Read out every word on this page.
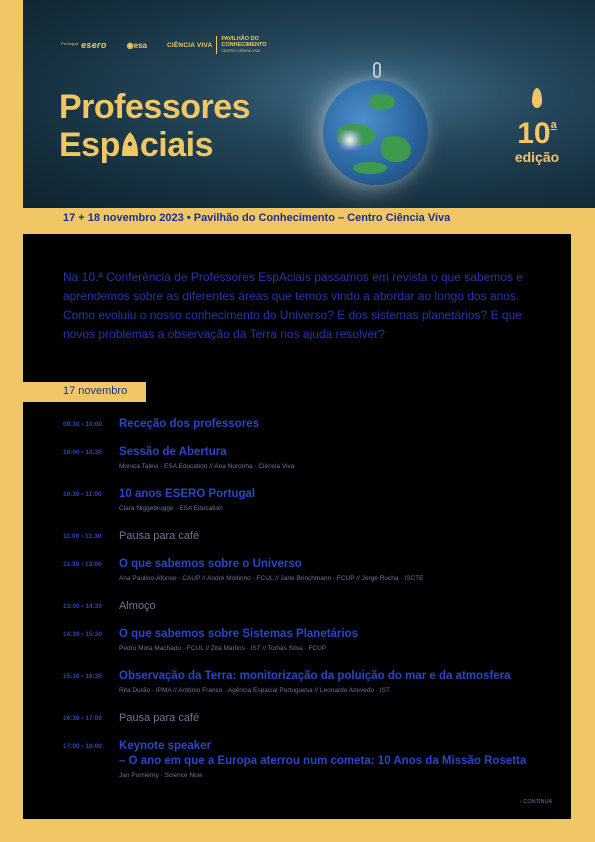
$^{Portugal}$ esero	◉esa	CIÊNCIA VIVA
PAVILHÃO DO
CONHECIMENTO
CENTRO CIÊNCIA VIVA
Professores
Esp ciais	10$^a$
edição
17 + 18 novembro 2023 • Pavilhão do Conhecimento – Centro Ciência Viva

Na 10.ª Conferência de Professores EspAciais passamos em revista o que sabemos e aprendemos sobre as diferentes áreas que temos vindo a abordar ao longo dos anos. Como evoluiu o nosso conhecimento do Universo? E dos sistemas planetários? E que novos problemas a observação da Terra nos ajuda resolver?

17 novembro
09:30 › 10:00	Receção dos professores
10:00 › 10:30	Sessão de Abertura
Monica Talevi · ESA Education // Ana Noronha · Ciência Viva
10:30 › 11:00	10 anos ESERO Portugal
Clara Niggebrugge · ESA Education
11:00 › 11:30	Pausa para café
11:30 › 13:00	O que sabemos sobre o Universo
Ana Paulino-Afonso · CAUP // André Moitinho · FCUL // Jarle Brinchmann · FCUP // Jorge Rocha · ISCTE
13:00 › 14:30	Almoço
14:30 › 15:30	O que sabemos sobre Sistemas Planetários
Pedro Mota Machado · FCUL // Zita Martins · IST // Tomás Silva · FCUP
15:30 › 16:30	Observação da Terra: monitorização da poluição do mar e da atmosfera
Rita Durão · IPMA // António Franco · Agência Espacial Portuguesa // Leonardo Azevedo · IST
16:30 › 17:00	Pausa para café
17:00 › 18:00	Keynote speaker
– O ano em que a Europa aterrou num cometa: 10 Anos da Missão Rosetta
Jan Pomierny · Science Now
› CONTINUA
